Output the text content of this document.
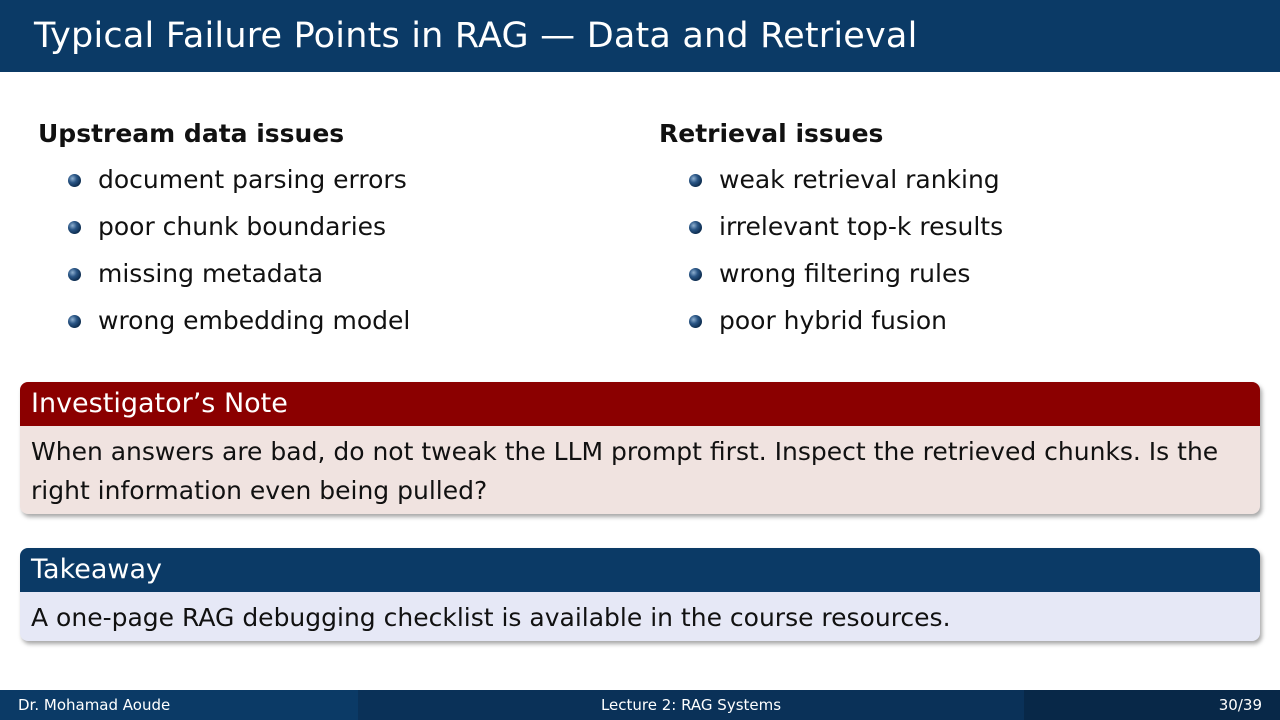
Typical Failure Points in RAG — Data and Retrieval
Upstream data issues
document parsing errors
poor chunk boundaries
missing metadata
wrong embedding model
Retrieval issues
weak retrieval ranking
irrelevant top-k results
wrong filtering rules
poor hybrid fusion
Investigator’s Note
When answers are bad, do not tweak the LLM prompt first. Inspect the retrieved chunks. Is the right information even being pulled?
Takeaway
A one-page RAG debugging checklist is available in the course resources.
Dr. Mohamad Aoude	Lecture 2: RAG Systems	30/39
